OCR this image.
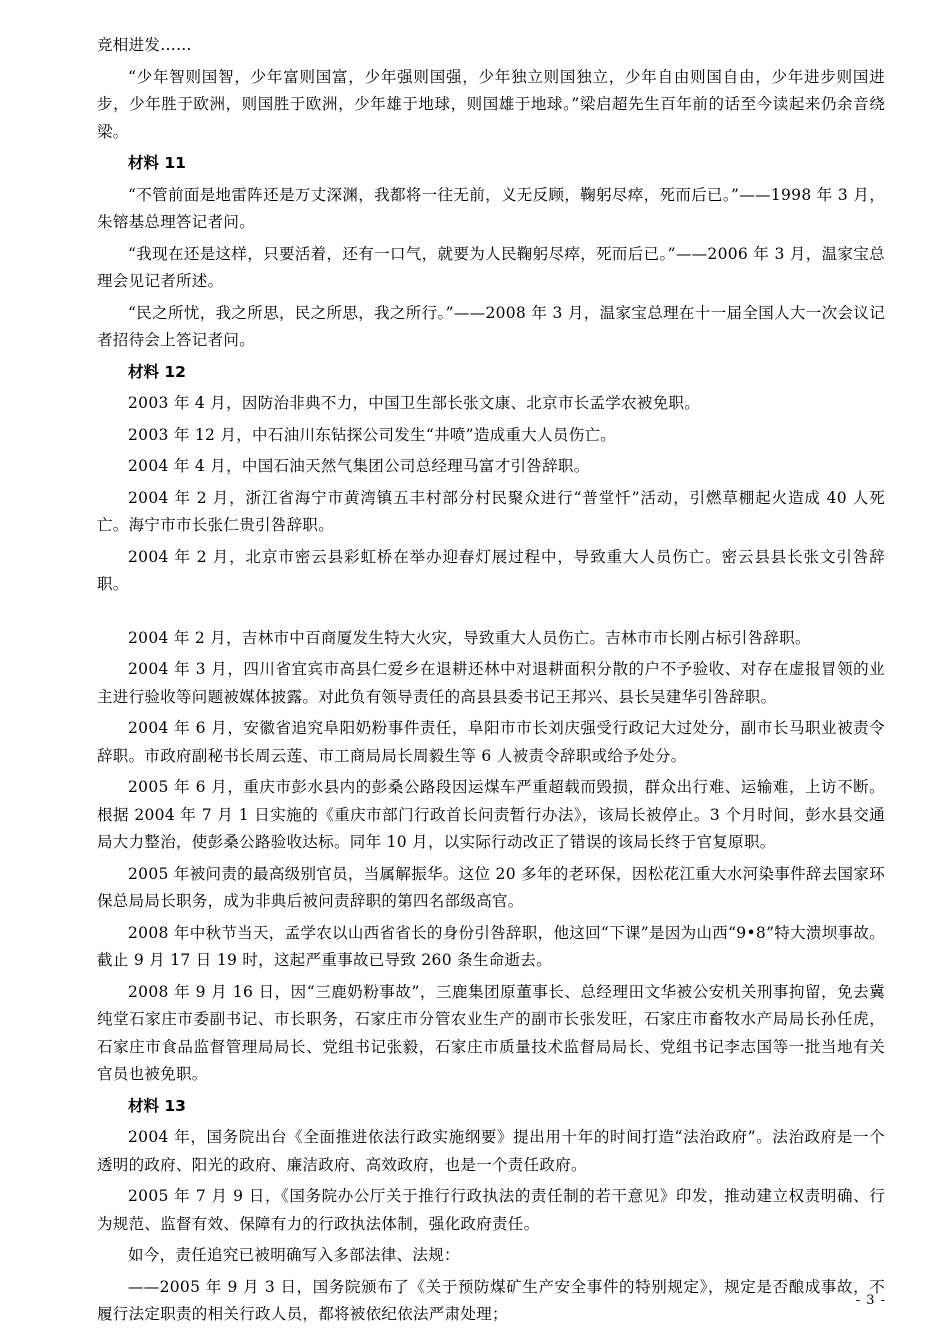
竞相进发……

“少年智则国智，少年富则国富，少年强则国强，少年独立则国独立，少年自由则国自由，少年进步则国进步，少年胜于欧洲，则国胜于欧洲，少年雄于地球，则国雄于地球。”梁启超先生百年前的话至今读起来仍余音绕梁。

材料 11

“不管前面是地雷阵还是万丈深渊，我都将一往无前，义无反顾，鞠躬尽瘁，死而后已。”——1998 年 3 月，朱镕基总理答记者问。

“我现在还是这样，只要活着，还有一口气，就要为人民鞠躬尽瘁，死而后已。”——2006 年 3 月，温家宝总理会见记者所述。

“民之所忧，我之所思，民之所思，我之所行。”——2008 年 3 月，温家宝总理在十一届全国人大一次会议记者招待会上答记者问。

材料 12

2003 年 4 月，因防治非典不力，中国卫生部长张文康、北京市长孟学农被免职。

2003 年 12 月，中石油川东钻探公司发生“井喷”造成重大人员伤亡。

2004 年 4 月，中国石油天然气集团公司总经理马富才引咎辞职。

2004 年 2 月，浙江省海宁市黄湾镇五丰村部分村民聚众进行“普堂忏”活动，引燃草棚起火造成 40 人死亡。海宁市市长张仁贵引咎辞职。

2004 年 2 月，北京市密云县彩虹桥在举办迎春灯展过程中，导致重大人员伤亡。密云县县长张文引咎辞职。

2004 年 2 月，吉林市中百商厦发生特大火灾，导致重大人员伤亡。吉林市市长刚占标引咎辞职。

2004 年 3 月，四川省宜宾市高县仁爱乡在退耕还林中对退耕面积分散的户不予验收、对存在虚报冒领的业主进行验收等问题被媒体披露。对此负有领导责任的高县县委书记王邦兴、县长吴建华引咎辞职。

2004 年 6 月，安徽省追究阜阳奶粉事件责任，阜阳市市长刘庆强受行政记大过处分，副市长马职业被责令辞职。市政府副秘书长周云莲、市工商局局长周毅生等 6 人被责令辞职或给予处分。

2005 年 6 月，重庆市彭水县内的彭桑公路段因运煤车严重超载而毁损，群众出行难、运输难，上访不断。根据 2004 年 7 月 1 日实施的《重庆市部门行政首长问责暂行办法》，该局长被停止。3 个月时间，彭水县交通局大力整治，使彭桑公路验收达标。同年 10 月，以实际行动改正了错误的该局长终于官复原职。

2005 年被问责的最高级别官员，当属解振华。这位 20 多年的老环保，因松花江重大水河染事件辞去国家环保总局局长职务，成为非典后被问责辞职的第四名部级高官。

2008 年中秋节当天，孟学农以山西省省长的身份引咎辞职，他这回“下课”是因为山西“9•8”特大溃坝事故。截止 9 月 17 日 19 时，这起严重事故已导致 260 条生命逝去。

2008 年 9 月 16 日，因“三鹿奶粉事故”，三鹿集团原董事长、总经理田文华被公安机关刑事拘留，免去冀纯堂石家庄市委副书记、市长职务，石家庄市分管农业生产的副市长张发旺，石家庄市畜牧水产局局长孙任虎，石家庄市食品监督管理局局长、党组书记张毅，石家庄市质量技术监督局局长、党组书记李志国等一批当地有关官员也被免职。

材料 13

2004 年，国务院出台《全面推进依法行政实施纲要》提出用十年的时间打造“法治政府”。法治政府是一个透明的政府、阳光的政府、廉洁政府、高效政府，也是一个责任政府。

2005 年 7 月 9 日，《国务院办公厅关于推行行政执法的责任制的若干意见》印发，推动建立权责明确、行为规范、监督有效、保障有力的行政执法体制，强化政府责任。

如今，责任追究已被明确写入多部法律、法规：

——2005 年 9 月 3 日，国务院颁布了《关于预防煤矿生产安全事件的特别规定》，规定是否酿成事故，不履行法定职责的相关行政人员，都将被依纪依法严肃处理；

- 3 -
